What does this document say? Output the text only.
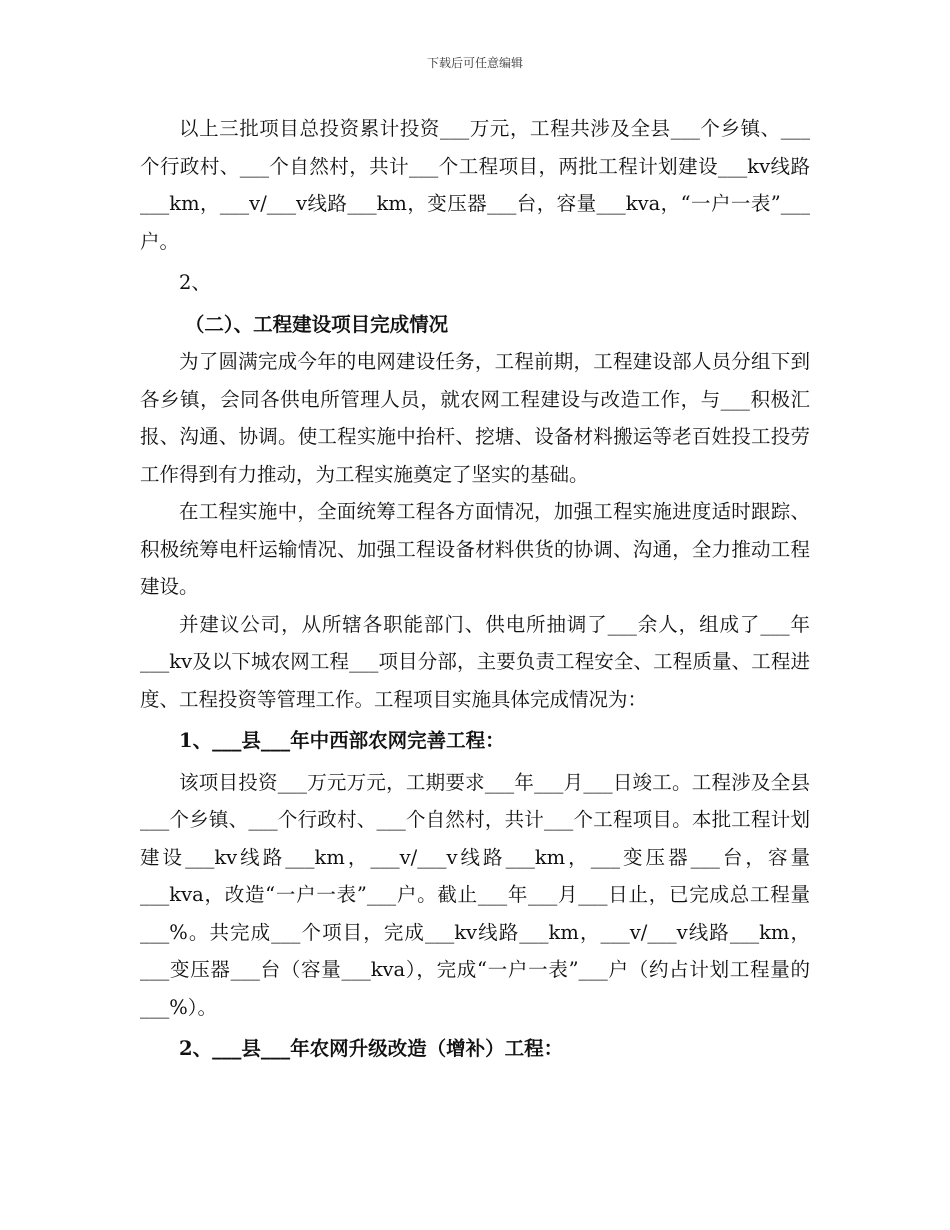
下载后可任意编辑

以上三批项目总投资累计投资___万元，工程共涉及全县___个乡镇、___个行政村、___个自然村，共计___个工程项目，两批工程计划建设___kv线路___km，___v/___v线路___km，变压器___台，容量___kva，“一户一表”___户。

2、

（二）、工程建设项目完成情况

为了圆满完成今年的电网建设任务，工程前期，工程建设部人员分组下到各乡镇，会同各供电所管理人员，就农网工程建设与改造工作，与___积极汇报、沟通、协调。使工程实施中抬杆、挖塘、设备材料搬运等老百姓投工投劳工作得到有力推动，为工程实施奠定了坚实的基础。

在工程实施中，全面统筹工程各方面情况，加强工程实施进度适时跟踪、积极统筹电杆运输情况、加强工程设备材料供货的协调、沟通，全力推动工程建设。

并建议公司，从所辖各职能部门、供电所抽调了___余人，组成了___年___kv及以下城农网工程___项目分部，主要负责工程安全、工程质量、工程进度、工程投资等管理工作。工程项目实施具体完成情况为：

1、___县___年中西部农网完善工程：

该项目投资___万元万元，工期要求___年___月___日竣工。工程涉及全县___个乡镇、___个行政村、___个自然村，共计___个工程项目。本批工程计划建设___kv线路___km，___v/___v线路___km，___变压器___台，容量___kva，改造“一户一表”___户。截止___年___月___日止，已完成总工程量___%。共完成___个项目，完成___kv线路___km，___v/___v线路___km，___变压器___台（容量___kva），完成“一户一表”___户（约占计划工程量的___%）。

2、___县___年农网升级改造（增补）工程：
